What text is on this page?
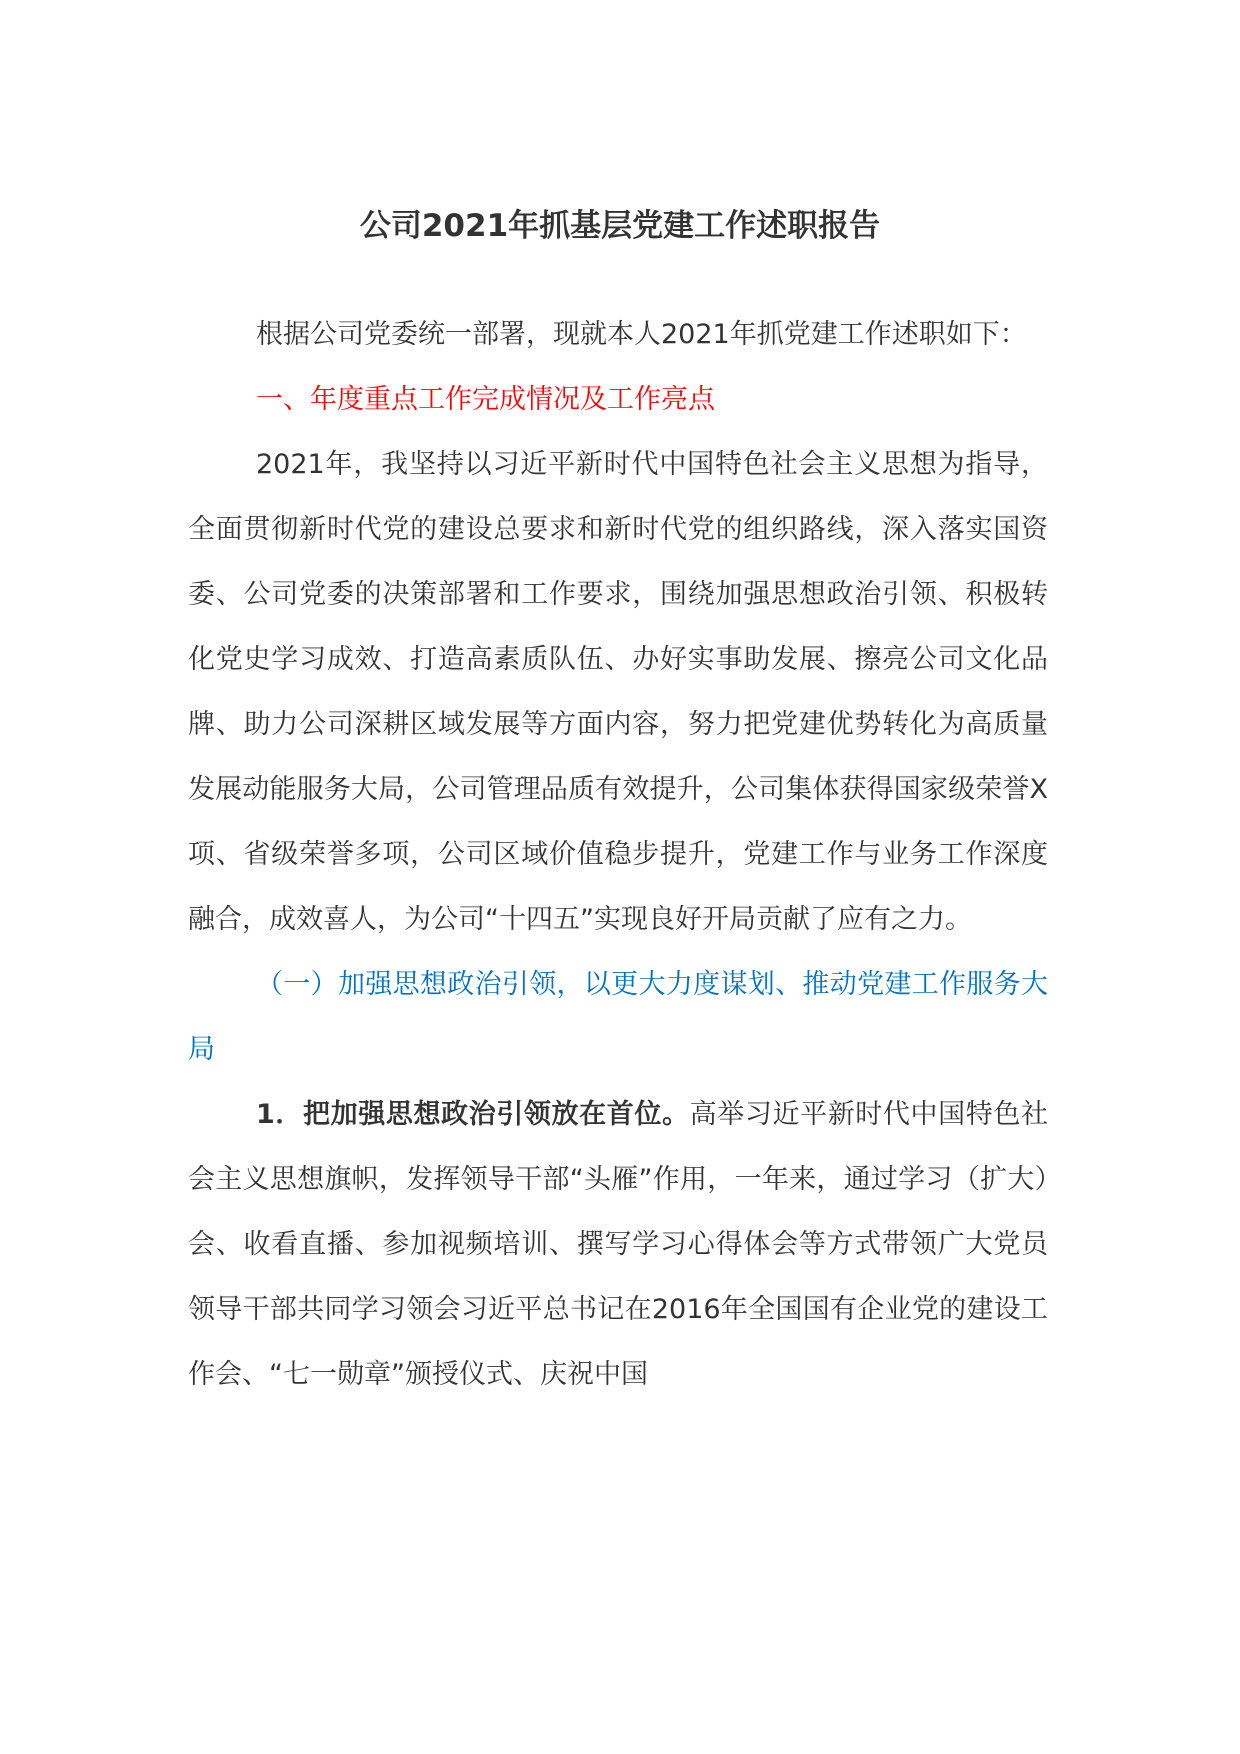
公司2021年抓基层党建工作述职报告

根据公司党委统一部署，现就本人2021年抓党建工作述职如下：

一、年度重点工作完成情况及工作亮点

2021年，我坚持以习近平新时代中国特色社会主义思想为指导，全面贯彻新时代党的建设总要求和新时代党的组织路线，深入落实国资委、公司党委的决策部署和工作要求，围绕加强思想政治引领、积极转化党史学习成效、打造高素质队伍、办好实事助发展、擦亮公司文化品牌、助力公司深耕区域发展等方面内容，努力把党建优势转化为高质量发展动能服务大局，公司管理品质有效提升，公司集体获得国家级荣誉X项、省级荣誉多项，公司区域价值稳步提升，党建工作与业务工作深度融合，成效喜人，为公司“十四五”实现良好开局贡献了应有之力。

（一）加强思想政治引领，以更大力度谋划、推动党建工作服务大局

1．把加强思想政治引领放在首位。高举习近平新时代中国特色社会主义思想旗帜，发挥领导干部“头雁”作用，一年来，通过学习（扩大）会、收看直播、参加视频培训、撰写学习心得体会等方式带领广大党员领导干部共同学习领会习近平总书记在2016年全国国有企业党的建设工作会、“七一勋章”颁授仪式、庆祝中国
